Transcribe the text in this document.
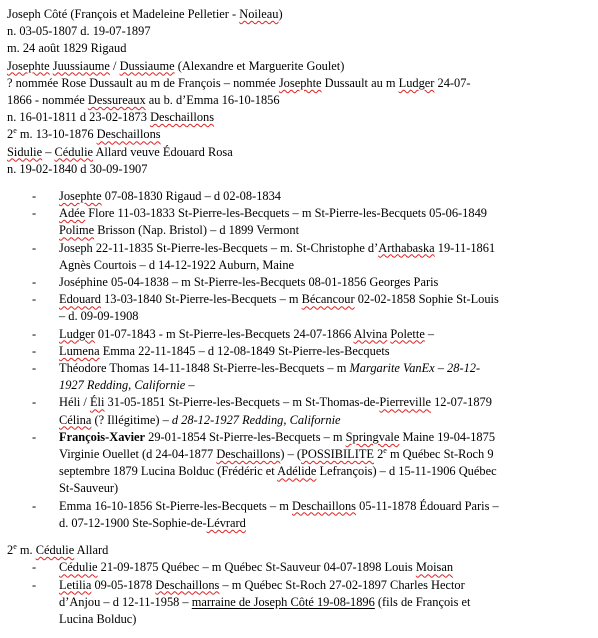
Joseph Côté (François et Madeleine Pelletier - Noileau)

n. 03-05-1807 d. 19-07-1897

m. 24 août 1829 Rigaud

Josephte Juussiaume / Dussiaume (Alexandre et Marguerite Goulet)

? nommée Rose Dussault au m de François – nommée Josephte Dussault au m Ludger 24-07-

1866 - nommée Dessureaux au b. d’Emma 16-10-1856

n. 16-01-1811 d 23-02-1873 Deschaillons

2e m. 13-10-1876 Deschaillons

Sidulie – Cédulie Allard veuve Édouard Rosa

n. 19-02-1840 d 30-09-1907

- Josephte 07-08-1830 Rigaud – d 02-08-1834
- Adée Flore 11-03-1833 St-Pierre-les-Becquets – m St-Pierre-les-Becquets 05-06-1849
Polime Brisson (Nap. Bristol) – d 1899 Vermont
- Joseph 22-11-1835 St-Pierre-les-Becquets – m. St-Christophe d’Arthabaska 19-11-1861
Agnès Courtois – d 14-12-1922 Auburn, Maine
- Joséphine 05-04-1838 – m St-Pierre-les-Becquets 08-01-1856 Georges Paris
- Edouard 13-03-1840 St-Pierre-les-Becquets – m Bécancour 02-02-1858 Sophie St-Louis
– d. 09-09-1908
- Ludger 01-07-1843 - m St-Pierre-les-Becquets 24-07-1866 Alvina Polette –
- Lumena Emma 22-11-1845 – d 12-08-1849 St-Pierre-les-Becquets
- Théodore Thomas 14-11-1848 St-Pierre-les-Becquets – m Margarite VanEx – 28-12-
1927 Redding, Californie –
- Héli / Éli 31-05-1851 St-Pierre-les-Becquets – m St-Thomas-de-Pierreville 12-07-1879
Célina (? Illégitime) – d 28-12-1927 Redding, Californie
- François-Xavier 29-01-1854 St-Pierre-les-Becquets – m Springvale Maine 19-04-1875
Virginie Ouellet (d 24-04-1877 Deschaillons) – (POSSIBILITE 2e m Québec St-Roch 9
septembre 1879 Lucina Bolduc (Frédéric et Adélide Lefrançois) – d 15-11-1906 Québec
St-Sauveur)
- Emma 16-10-1856 St-Pierre-les-Becquets – m Deschaillons 05-11-1878 Édouard Paris –
d. 07-12-1900 Ste-Sophie-de-Lévrard

2e m. Cédulie Allard

- Cédulie 21-09-1875 Québec – m Québec St-Sauveur 04-07-1898 Louis Moisan
- Letilia 09-05-1878 Deschaillons – m Québec St-Roch 27-02-1897 Charles Hector
d’Anjou – d 12-11-1958 – marraine de Joseph Côté 19-08-1896 (fils de François et
Lucina Bolduc)
